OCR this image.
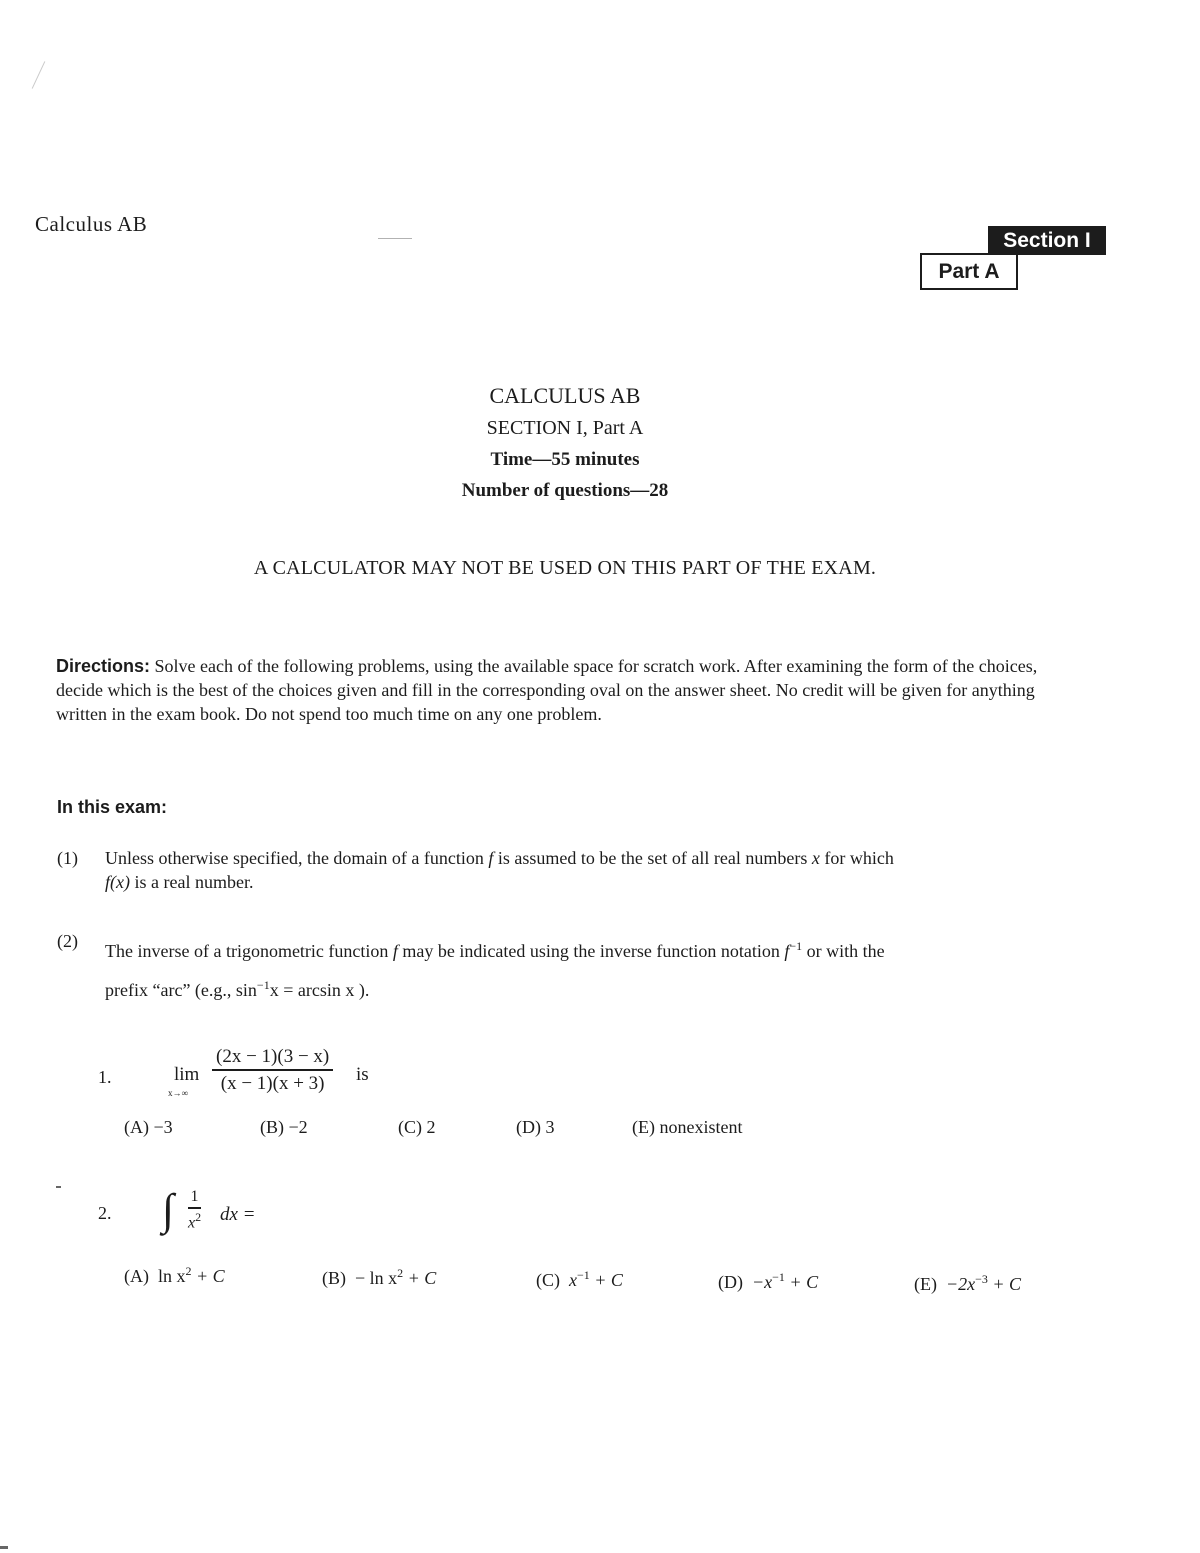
Calculus AB
Section I
Part A
CALCULUS AB
SECTION I, Part A
Time—55 minutes
Number of questions—28
A CALCULATOR MAY NOT BE USED ON THIS PART OF THE EXAM.
Directions: Solve each of the following problems, using the available space for scratch work. After examining the form of the choices, decide which is the best of the choices given and fill in the corresponding oval on the answer sheet. No credit will be given for anything written in the exam book. Do not spend too much time on any one problem.
In this exam:
(1) Unless otherwise specified, the domain of a function f is assumed to be the set of all real numbers x for which
f(x) is a real number.
(2) The inverse of a trigonometric function f may be indicated using the inverse function notation $f^{-1}$ or with the
prefix “arc” (e.g., $\sin^{-1}x = \arcsin x$ ).
1.	lim
x→∞
(2x − 1)(3 − x)
(x − 1)(x + 3)	is
(A) −3	(B) −2	(C) 2	(D) 3	(E) nonexistent
2. ∫ 1
$x^2$ dx =
(A) $\ln x^2 + C$	$(B) - \ln x^2 + C$	(C) $x^{-1} + C$	$(D) -x^{-1} + C$	$(E) -2x^{-3} + C$
